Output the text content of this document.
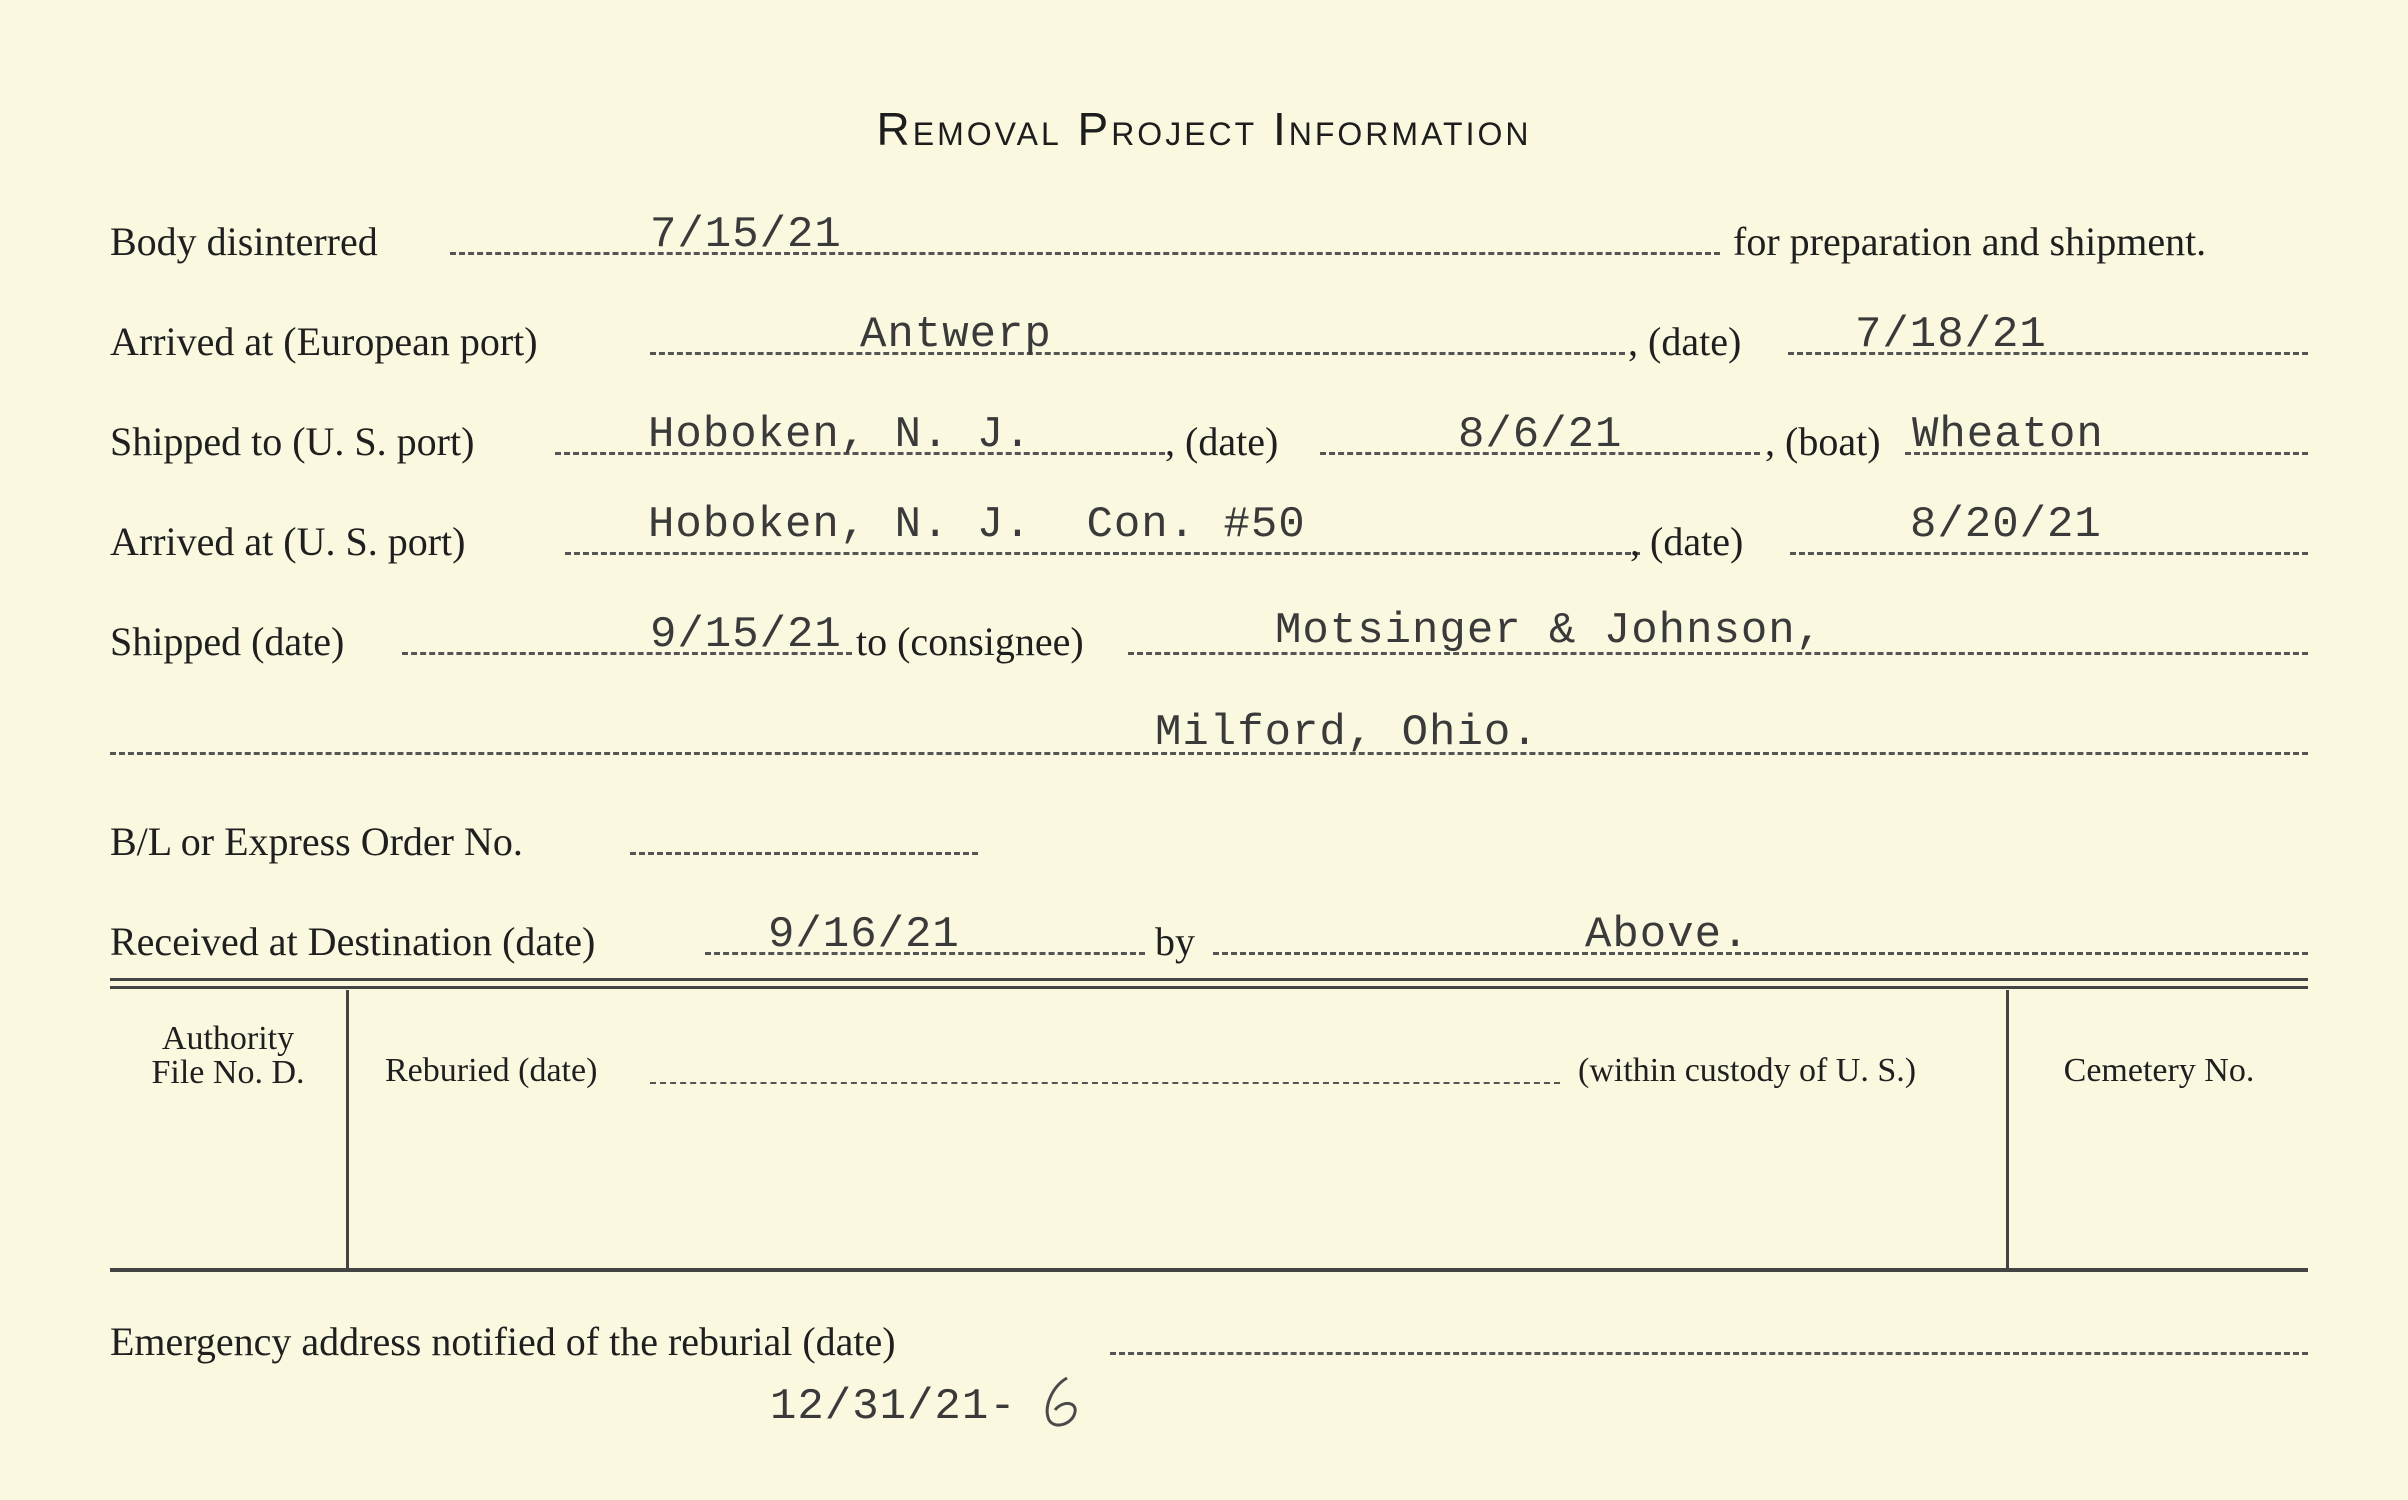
Removal Project Information
Body disinterred	7/15/21	for preparation and shipment.
Arrived at (European port)	Antwerp	, (date)	7/18/21
Shipped to (U. S. port)	Hoboken, N. J.	, (date)	8/6/21	, (boat) Wheaton
Arrived at (U. S. port)	Hoboken, N. J.  Con. #50	, (date)	8/20/21
Shipped (date)	9/15/21 to (consignee)	Motsinger & Johnson,
Milford, Ohio.
B/L or Express Order No.
Received at Destination (date)	9/16/21	by	Above.
Authority
File No. D.	Reburied (date)	(within custody of U. S.)	Cemetery No.
Emergency address notified of the reburial (date)
12/31/21-
